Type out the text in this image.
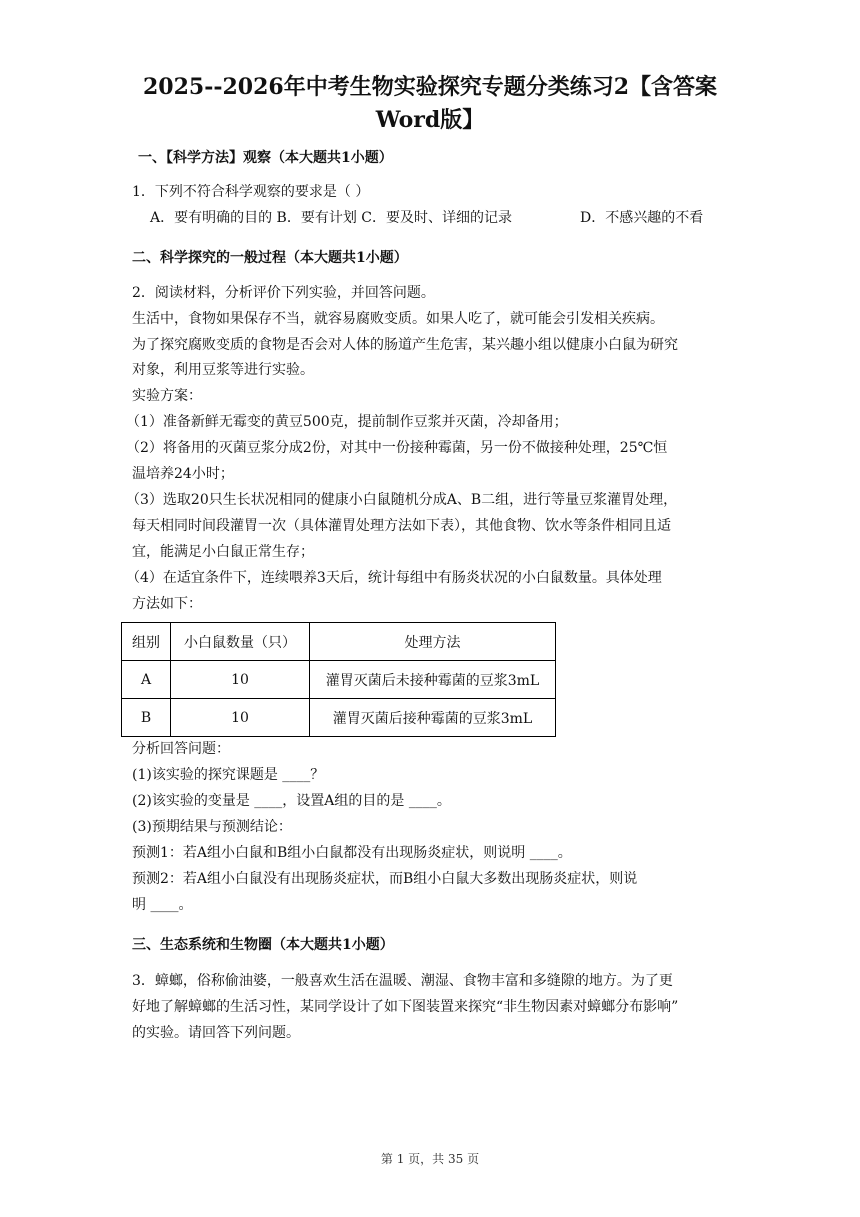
2025--2026年中考生物实验探究专题分类练习2【含答案
Word版】
一、【科学方法】观察（本大题共1小题）
1．下列不符合科学观察的要求是（ ）
A．要有明确的目的 B．要有计划 C．要及时、详细的记录	D．不感兴趣的不看
二、科学探究的一般过程（本大题共1小题）
2．阅读材料，分析评价下列实验，并回答问题。
生活中，食物如果保存不当，就容易腐败变质。如果人吃了，就可能会引发相关疾病。
为了探究腐败变质的食物是否会对人体的肠道产生危害，某兴趣小组以健康小白鼠为研究
对象，利用豆浆等进行实验。
实验方案：
（1）准备新鲜无霉变的黄豆500克，提前制作豆浆并灭菌，冷却备用；
（2）将备用的灭菌豆浆分成2份，对其中一份接种霉菌，另一份不做接种处理，25℃恒
温培养24小时；
（3）选取20只生长状况相同的健康小白鼠随机分成A、B二组，进行等量豆浆灌胃处理，
每天相同时间段灌胃一次（具体灌胃处理方法如下表），其他食物、饮水等条件相同且适
宜，能满足小白鼠正常生存；
（4）在适宜条件下，连续喂养3天后，统计每组中有肠炎状况的小白鼠数量。具体处理
方法如下：
组别	小白鼠数量（只）	处理方法
A	10	灌胃灭菌后未接种霉菌的豆浆3mL
B	10	灌胃灭菌后接种霉菌的豆浆3mL
分析回答问题：
(1)该实验的探究课题是 ____？
(2)该实验的变量是 ____，设置A组的目的是 ____。
(3)预期结果与预测结论：
预测1：若A组小白鼠和B组小白鼠都没有出现肠炎症状，则说明 ____。
预测2：若A组小白鼠没有出现肠炎症状，而B组小白鼠大多数出现肠炎症状，则说
明 ____。
三、生态系统和生物圈（本大题共1小题）
3．蟑螂，俗称偷油婆，一般喜欢生活在温暖、潮湿、食物丰富和多缝隙的地方。为了更
好地了解蟑螂的生活习性，某同学设计了如下图装置来探究“非生物因素对蟑螂分布影响”
的实验。请回答下列问题。
第 1 页，共 35 页
